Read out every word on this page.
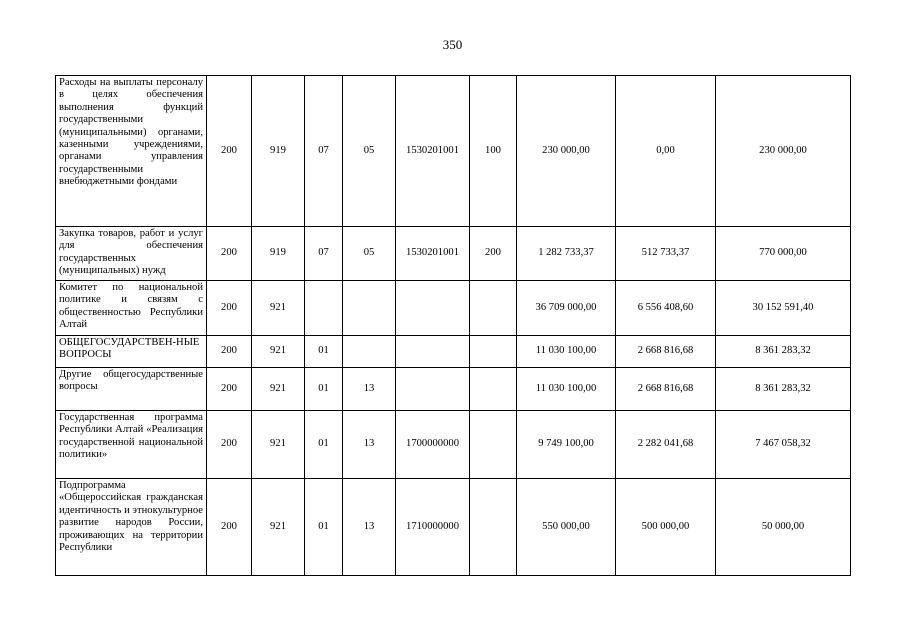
350
Расходы на выплаты персоналу в целях обеспечения выполнения функций государственными (муниципальными) органами, казенными учреждениями, органами управления государственными внебюджетными фондами	200	919	07	05	1530201001	100	230 000,00	0,00	230 000,00
Закупка товаров, работ и услуг для обеспечения государственных (муниципальных) нужд	200	919	07	05	1530201001	200	1 282 733,37	512 733,37	770 000,00
Комитет по национальной политике и связям с общественностью Республики Алтай	200	921					36 709 000,00	6 556 408,60	30 152 591,40
ОБЩЕГОСУДАРСТВЕН-НЫЕ ВОПРОСЫ	200	921	01				11 030 100,00	2 668 816,68	8 361 283,32
Другие общегосударственные вопросы	200	921	01	13			11 030 100,00	2 668 816,68	8 361 283,32
Государственная программа Республики Алтай «Реализация государственной национальной политики»	200	921	01	13	1700000000		9 749 100,00	2 282 041,68	7 467 058,32
Подпрограмма «Общероссийская гражданская идентичность и этнокультурное развитие народов России, проживающих на территории Республики	200	921	01	13	1710000000		550 000,00	500 000,00	50 000,00
